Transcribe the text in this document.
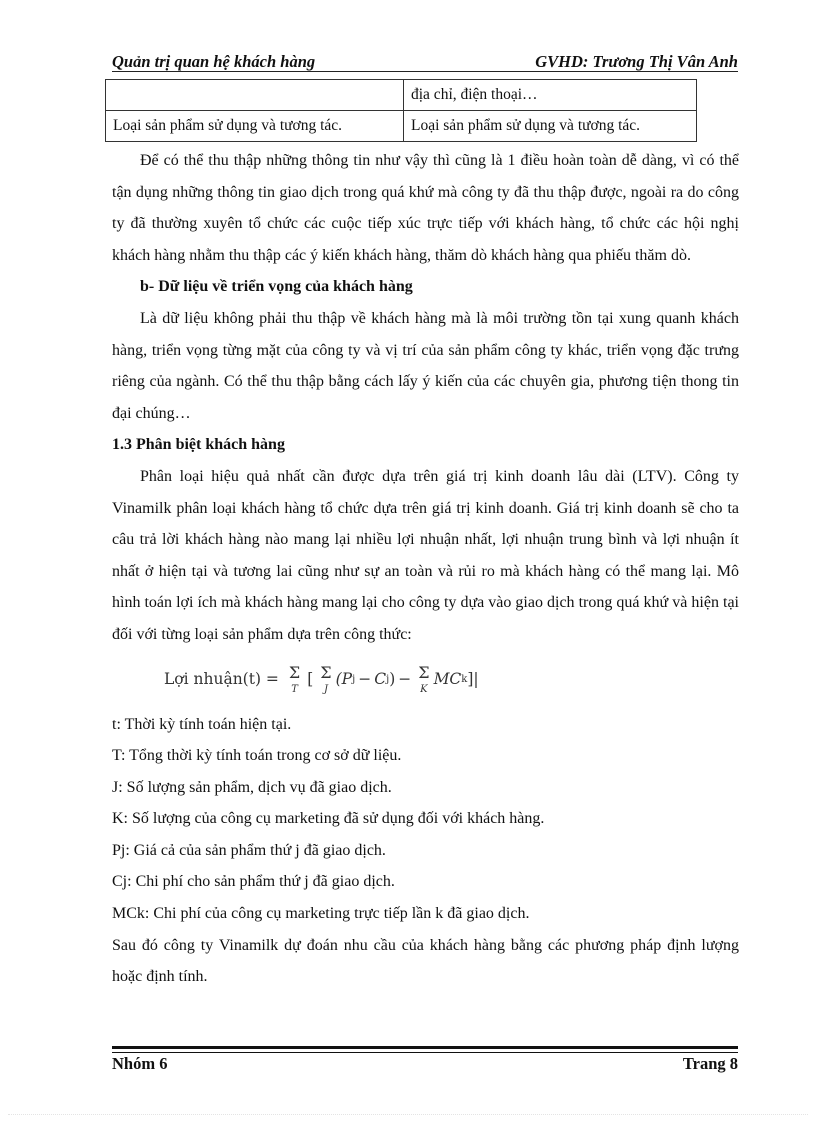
Quản trị quan hệ khách hàng	GVHD: Trương Thị Vân Anh
	địa chỉ, điện thoại…
Loại sản phẩm sử dụng và tương tác.	Loại sản phẩm sử dụng và tương tác.

Để có thể thu thập những thông tin như vậy thì cũng là 1 điều hoàn toàn dễ dàng, vì có thể tận dụng những thông tin giao dịch trong quá khứ mà công ty đã thu thập được, ngoài ra do công ty đã thường xuyên tổ chức các cuộc tiếp xúc trực tiếp với khách hàng, tổ chức các hội nghị khách hàng nhằm thu thập các ý kiến khách hàng, thăm dò khách hàng qua phiếu thăm dò.

b- Dữ liệu về triển vọng của khách hàng

Là dữ liệu không phải thu thập về khách hàng mà là môi trường tồn tại xung quanh khách hàng, triển vọng từng mặt của công ty và vị trí của sản phẩm công ty khác, triển vọng đặc trưng riêng của ngành. Có thể thu thập bằng cách lấy ý kiến của các chuyên gia, phương tiện thong tin đại chúng…

1.3 Phân biệt khách hàng

Phân loại hiệu quả nhất cần được dựa trên giá trị kinh doanh lâu dài (LTV). Công ty Vinamilk phân loại khách hàng tổ chức dựa trên giá trị kinh doanh. Giá trị kinh doanh sẽ cho ta câu trả lời khách hàng nào mang lại nhiều lợi nhuận nhất, lợi nhuận trung bình và lợi nhuận ít nhất ở hiện tại và tương lai cũng như sự an toàn và rủi ro mà khách hàng có thể mang lại. Mô hình toán lợi ích mà khách hàng mang lại cho công ty dựa vào giao dịch trong quá khứ và hiện tại đối với từng loại sản phẩm dựa trên công thức:

Lợi nhuận(t) = Σ
T
[ Σ
J
(P j − C j ) − Σ
K
MC k ]|

t: Thời kỳ tính toán hiện tại.

T: Tổng thời kỳ tính toán trong cơ sở dữ liệu.

J: Số lượng sản phẩm, dịch vụ đã giao dịch.

K: Số lượng của công cụ marketing đã sử dụng đối với khách hàng.

Pj: Giá cả của sản phẩm thứ j đã giao dịch.

Cj: Chi phí cho sản phẩm thứ j đã giao dịch.

MCk: Chi phí của công cụ marketing trực tiếp lần k đã giao dịch.

Sau đó công ty Vinamilk dự đoán nhu cầu của khách hàng bằng các phương pháp định lượng hoặc định tính.

Nhóm 6	Trang 8
